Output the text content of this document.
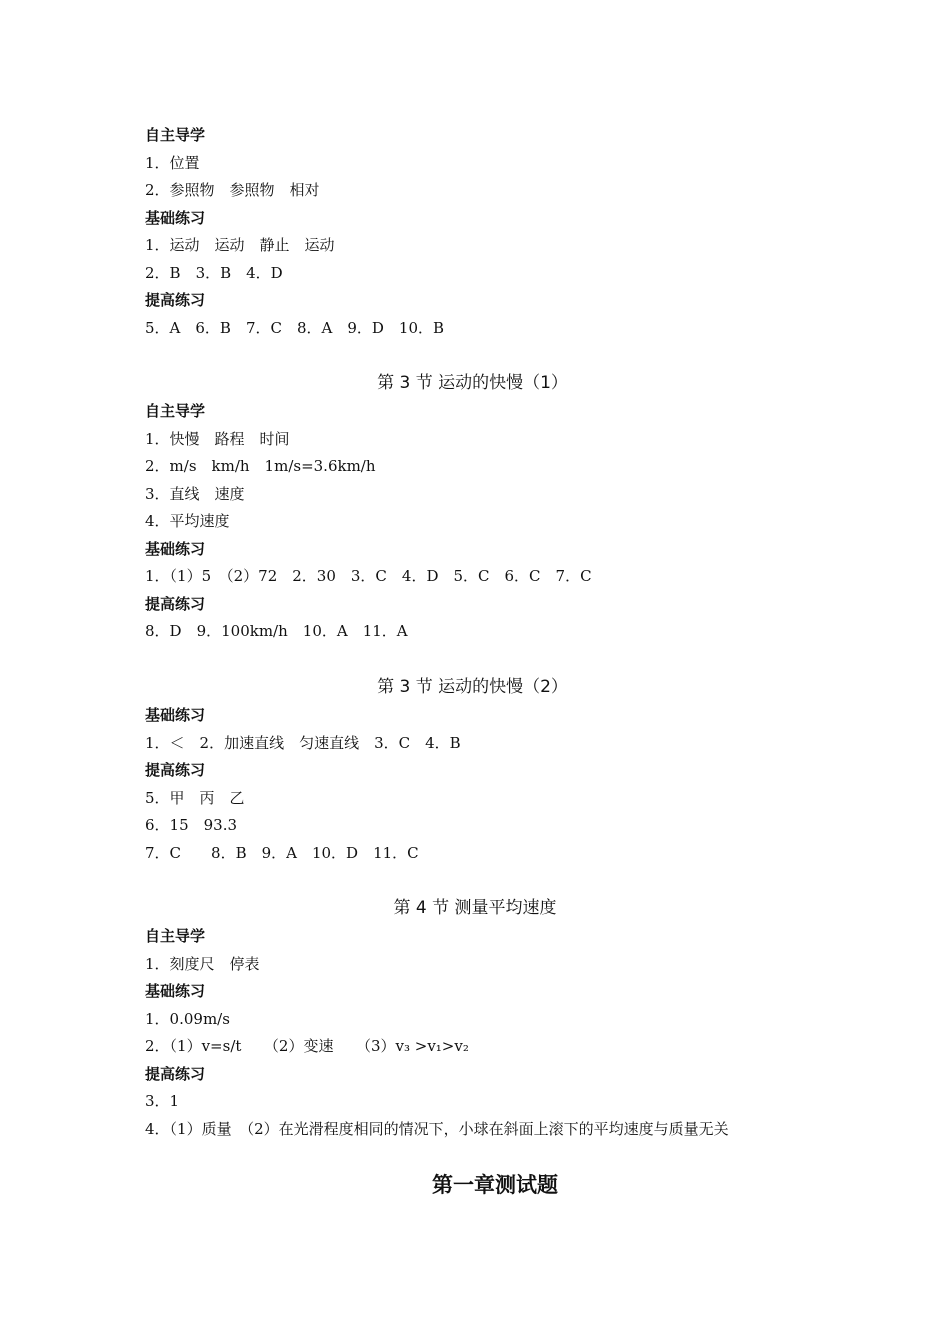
自主导学
1．位置
2．参照物　参照物　相对
基础练习
1．运动　运动　静止　运动
2．B　3．B　4．D
提高练习
5．A　6．B　7．C　8．A　9．D　10．B
第 3 节 运动的快慢（1）
自主导学
1．快慢　路程　时间
2．m/s　km/h　1m/s=3.6km/h
3．直线　速度
4．平均速度
基础练习
1．（1）5　（2）72　2．30　3．C　4．D　5．C　6．C　7．C
提高练习
8．D　9．100km/h　10．A　11．A
第 3 节 运动的快慢（2）
基础练习
1．＜　2．加速直线　匀速直线　3．C　4．B
提高练习
5．甲　丙　乙
6．15　93.3
7．C　　8．B　9．A　10．D　11．C
第 4 节 测量平均速度
自主导学
1．刻度尺　停表
基础练习
1．0.09m/s
2．（1）v=s/t　　（2）变速　　（3）v₃ >v₁>v₂
提高练习
3．1
4．（1）质量　（2）在光滑程度相同的情况下，小球在斜面上滚下的平均速度与质量无关
第一章测试题
